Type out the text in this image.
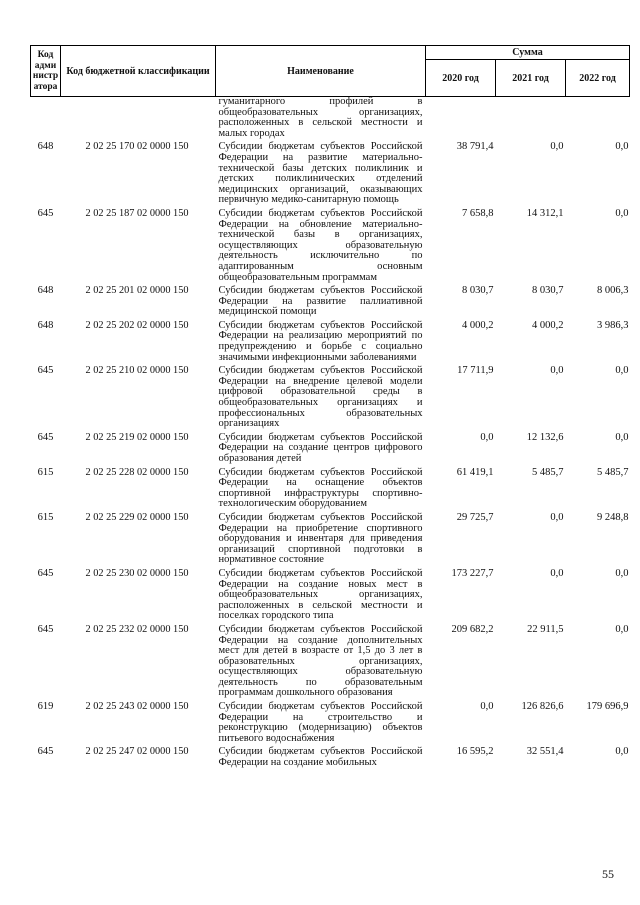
Код адми нистр атора	Код бюджетной классификации	Наименование	Сумма		
			2020 год	2021 год	2022 год
		гуманитарного профилей в общеобразовательных организациях, расположенных в сельской местности и малых городах			
648	2 02 25 170 02 0000 150	Субсидии бюджетам субъектов Российской Федерации на развитие материально-технической базы детских поликлиник и детских поликлинических отделений медицинских организаций, оказывающих первичную медико-санитарную помощь	38 791,4	0,0	0,0
645	2 02 25 187 02 0000 150	Субсидии бюджетам субъектов Российской Федерации на обновление материально-технической базы в организациях, осуществляющих образовательную деятельность исключительно по адаптированным основным общеобразовательным программам	7 658,8	14 312,1	0,0
648	2 02 25 201 02 0000 150	Субсидии бюджетам субъектов Российской Федерации на развитие паллиативной медицинской помощи	8 030,7	8 030,7	8 006,3
648	2 02 25 202 02 0000 150	Субсидии бюджетам субъектов Российской Федерации на реализацию мероприятий по предупреждению и борьбе с социально значимыми инфекционными заболеваниями	4 000,2	4 000,2	3 986,3
645	2 02 25 210 02 0000 150	Субсидии бюджетам субъектов Российской Федерации на внедрение целевой модели цифровой образовательной среды в общеобразовательных организациях и профессиональных образовательных организациях	17 711,9	0,0	0,0
645	2 02 25 219 02 0000 150	Субсидии бюджетам субъектов Российской Федерации на создание центров цифрового образования детей	0,0	12 132,6	0,0
615	2 02 25 228 02 0000 150	Субсидии бюджетам субъектов Российской Федерации на оснащение объектов спортивной инфраструктуры спортивно-технологическим оборудованием	61 419,1	5 485,7	5 485,7
615	2 02 25 229 02 0000 150	Субсидии бюджетам субъектов Российской Федерации на приобретение спортивного оборудования и инвентаря для приведения организаций спортивной подготовки в нормативное состояние	29 725,7	0,0	9 248,8
645	2 02 25 230 02 0000 150	Субсидии бюджетам субъектов Российской Федерации на создание новых мест в общеобразовательных организациях, расположенных в сельской местности и поселках городского типа	173 227,7	0,0	0,0
645	2 02 25 232 02 0000 150	Субсидии бюджетам субъектов Российской Федерации на создание дополнительных мест для детей в возрасте от 1,5 до 3 лет в образовательных организациях, осуществляющих образовательную деятельность по образовательным программам дошкольного образования	209 682,2	22 911,5	0,0
619	2 02 25 243 02 0000 150	Субсидии бюджетам субъектов Российской Федерации на строительство и реконструкцию (модернизацию) объектов питьевого водоснабжения	0,0	126 826,6	179 696,9
645	2 02 25 247 02 0000 150	Субсидии бюджетам субъектов Российской Федерации на создание мобильных	16 595,2	32 551,4	0,0
55
